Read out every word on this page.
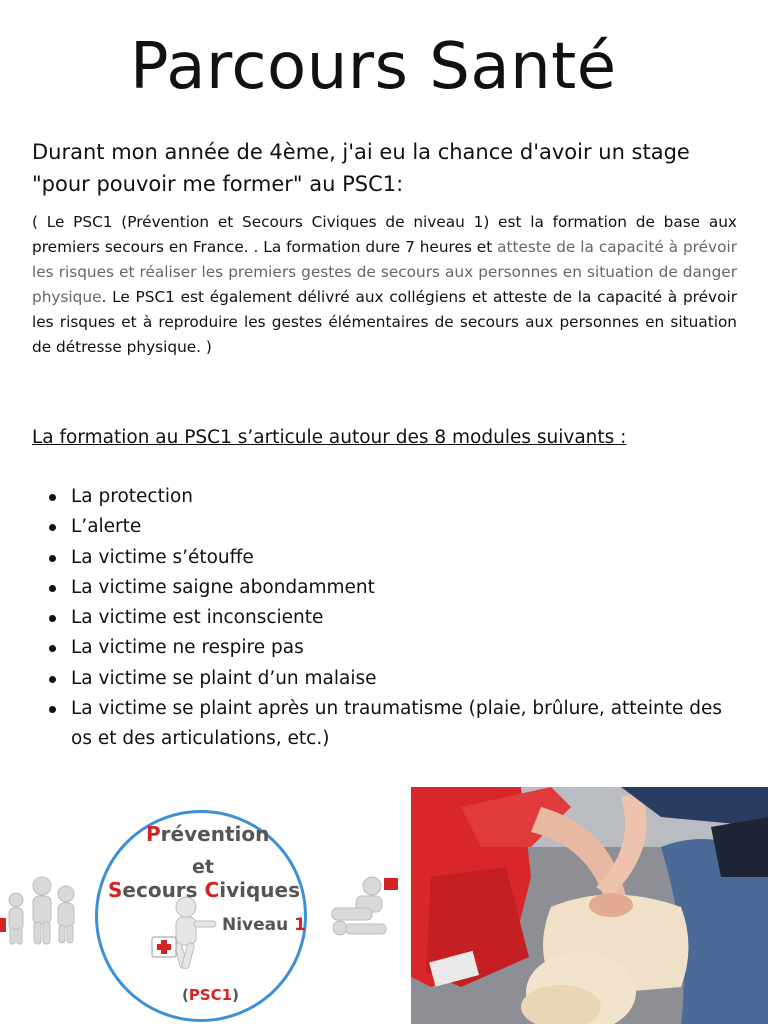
Parcours Santé
Durant mon année de 4ème, j'ai eu la chance d'avoir un stage "pour pouvoir me former" au PSC1:
( Le PSC1 (Prévention et Secours Civiques de niveau 1) est la formation de base aux premiers secours en France. . La formation dure 7 heures et atteste de la capacité à prévoir les risques et réaliser les premiers gestes de secours aux personnes en situation de danger physique. Le PSC1 est également délivré aux collégiens et atteste de la capacité à prévoir les risques et à reproduire les gestes élémentaires de secours aux personnes en situation de détresse physique. )
La formation au PSC1 s’articule autour des 8 modules suivants :
La protection
L’alerte
La victime s’étouffe
La victime saigne abondamment
La victime est inconsciente
La victime ne respire pas
La victime se plaint d’un malaise
La victime se plaint après un traumatisme (plaie, brûlure, atteinte des os et des articulations, etc.)
Prévention
et
Secours Civiques
Niveau 1
(PSC1)
